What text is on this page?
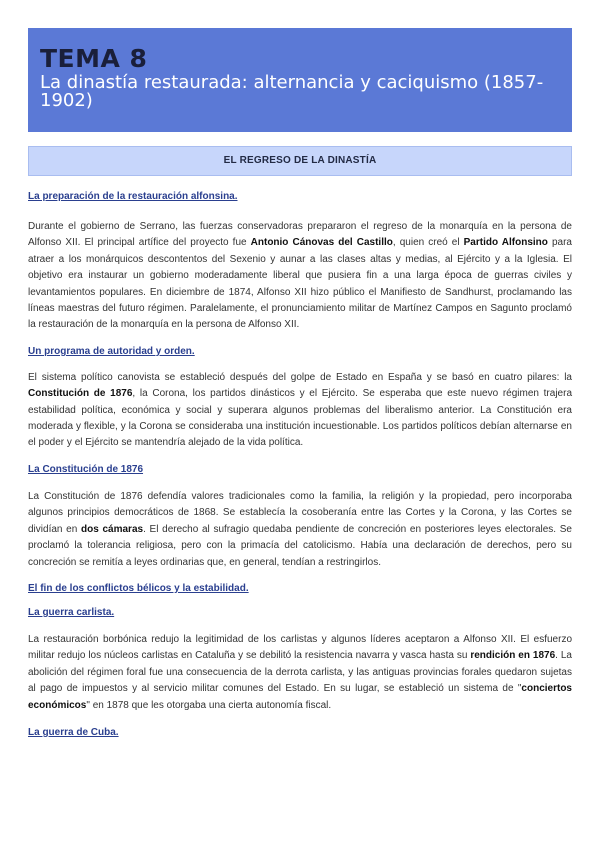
TEMA 8
La dinastía restaurada: alternancia y caciquismo (1857-1902)
EL REGRESO DE LA DINASTÍA

La preparación de la restauración alfonsina.

Durante el gobierno de Serrano, las fuerzas conservadoras prepararon el regreso de la monarquía en la persona de Alfonso XII. El principal artífice del proyecto fue Antonio Cánovas del Castillo, quien creó el Partido Alfonsino para atraer a los monárquicos descontentos del Sexenio y aunar a las clases altas y medias, al Ejército y a la Iglesia. El objetivo era instaurar un gobierno moderadamente liberal que pusiera fin a una larga época de guerras civiles y levantamientos populares. En diciembre de 1874, Alfonso XII hizo público el Manifiesto de Sandhurst, proclamando las líneas maestras del futuro régimen. Paralelamente, el pronunciamiento militar de Martínez Campos en Sagunto proclamó la restauración de la monarquía en la persona de Alfonso XII.

Un programa de autoridad y orden.

El sistema político canovista se estableció después del golpe de Estado en España y se basó en cuatro pilares: la Constitución de 1876, la Corona, los partidos dinásticos y el Ejército. Se esperaba que este nuevo régimen trajera estabilidad política, económica y social y superara algunos problemas del liberalismo anterior. La Constitución era moderada y flexible, y la Corona se consideraba una institución incuestionable. Los partidos políticos debían alternarse en el poder y el Ejército se mantendría alejado de la vida política.

La Constitución de 1876

La Constitución de 1876 defendía valores tradicionales como la familia, la religión y la propiedad, pero incorporaba algunos principios democráticos de 1868. Se establecía la cosoberanía entre las Cortes y la Corona, y las Cortes se dividían en dos cámaras. El derecho al sufragio quedaba pendiente de concreción en posteriores leyes electorales. Se proclamó la tolerancia religiosa, pero con la primacía del catolicismo. Había una declaración de derechos, pero su concreción se remitía a leyes ordinarias que, en general, tendían a restringirlos.

El fin de los conflictos bélicos y la estabilidad.

La guerra carlista.

La restauración borbónica redujo la legitimidad de los carlistas y algunos líderes aceptaron a Alfonso XII. El esfuerzo militar redujo los núcleos carlistas en Cataluña y se debilitó la resistencia navarra y vasca hasta su rendición en 1876. La abolición del régimen foral fue una consecuencia de la derrota carlista, y las antiguas provincias forales quedaron sujetas al pago de impuestos y al servicio militar comunes del Estado. En su lugar, se estableció un sistema de "conciertos económicos" en 1878 que les otorgaba una cierta autonomía fiscal.

La guerra de Cuba.
